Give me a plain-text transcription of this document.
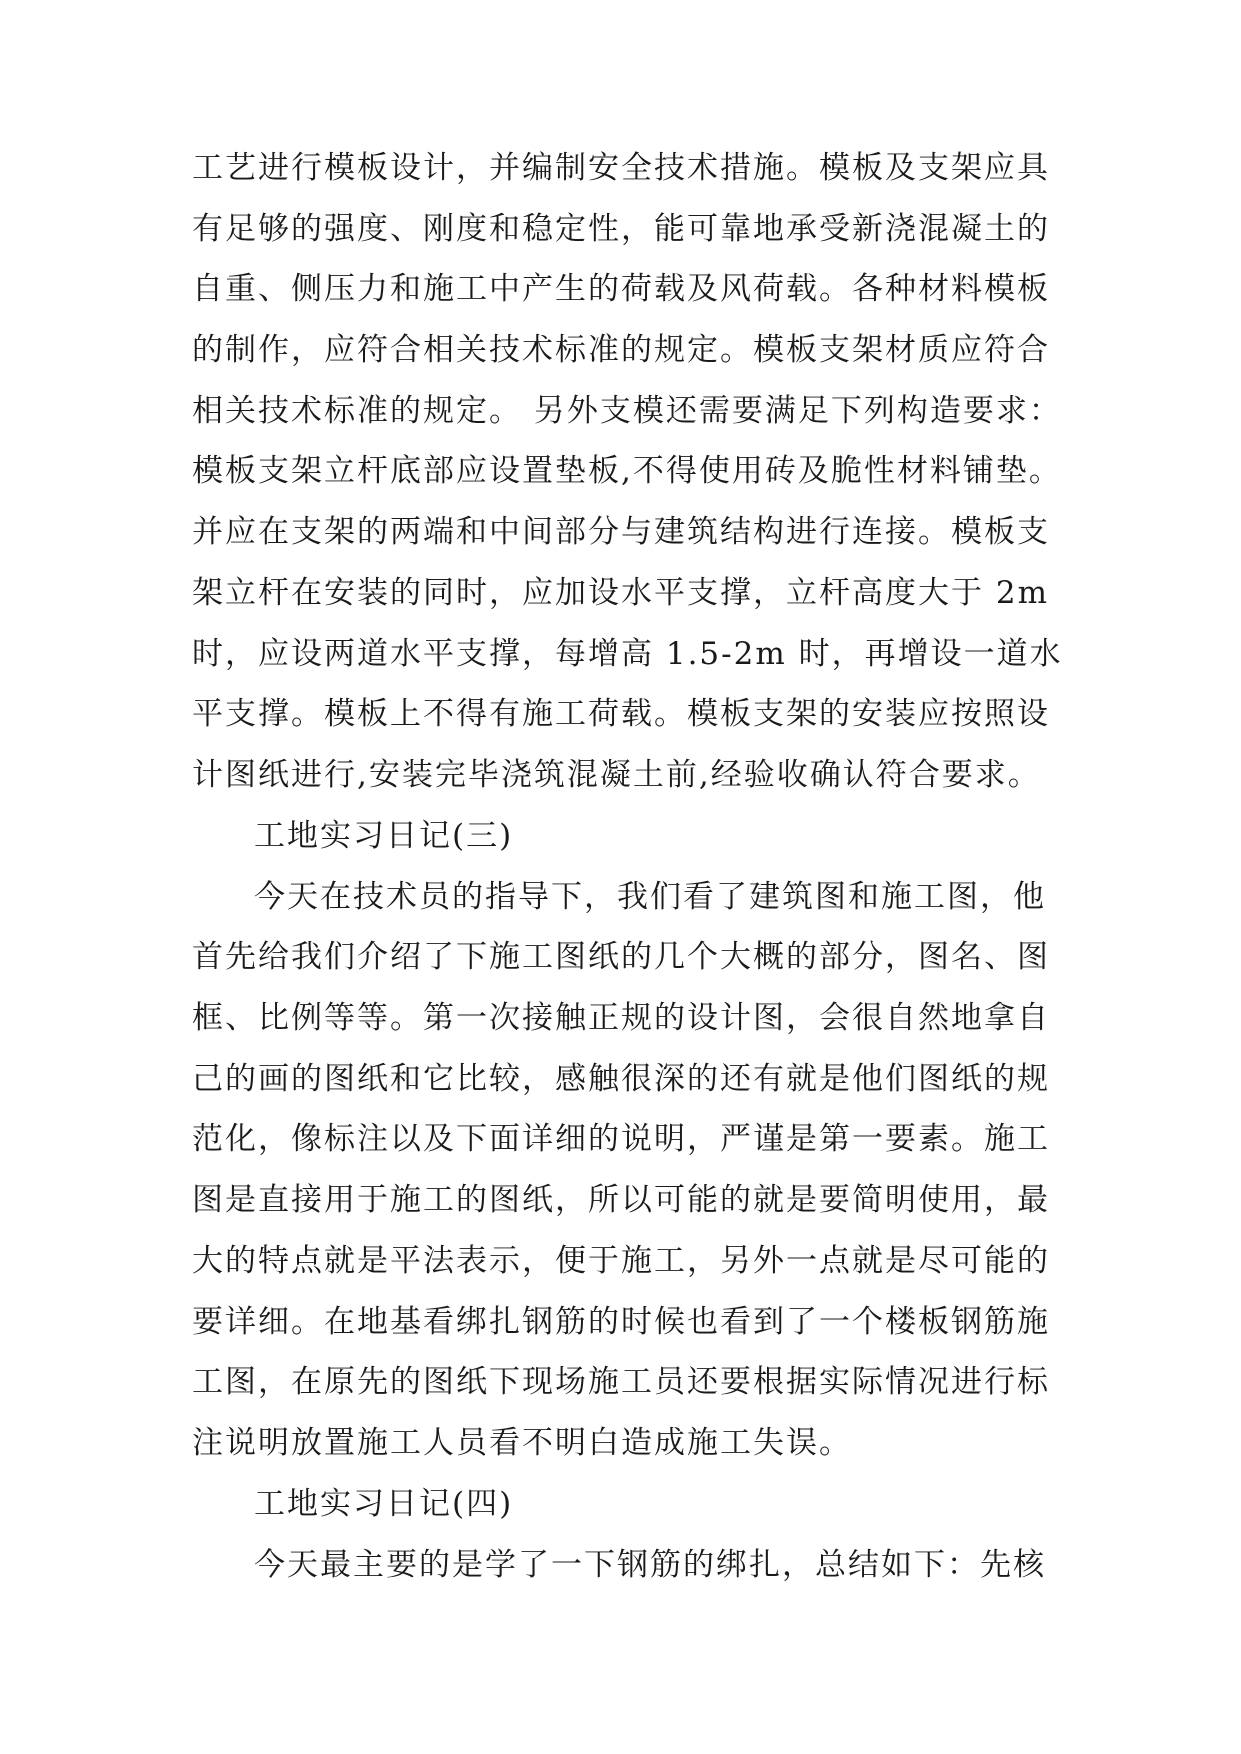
工艺进行模板设计，并编制安全技术措施。模板及支架应具
有足够的强度、刚度和稳定性，能可靠地承受新浇混凝土的
自重、侧压力和施工中产生的荷载及风荷载。各种材料模板
的制作，应符合相关技术标准的规定。模板支架材质应符合
相关技术标准的规定。 另外支模还需要满足下列构造要求：
模板支架立杆底部应设置垫板,不得使用砖及脆性材料铺垫。
并应在支架的两端和中间部分与建筑结构进行连接。模板支
架立杆在安装的同时，应加设水平支撑，立杆高度大于 2m
时，应设两道水平支撑，每增高 1.5-2m 时，再增设一道水
平支撑。模板上不得有施工荷载。模板支架的安装应按照设
计图纸进行,安装完毕浇筑混凝土前,经验收确认符合要求。
工地实习日记(三)
今天在技术员的指导下，我们看了建筑图和施工图，他
首先给我们介绍了下施工图纸的几个大概的部分，图名、图
框、比例等等。第一次接触正规的设计图，会很自然地拿自
己的画的图纸和它比较，感触很深的还有就是他们图纸的规
范化，像标注以及下面详细的说明，严谨是第一要素。施工
图是直接用于施工的图纸，所以可能的就是要简明使用，最
大的特点就是平法表示，便于施工，另外一点就是尽可能的
要详细。在地基看绑扎钢筋的时候也看到了一个楼板钢筋施
工图，在原先的图纸下现场施工员还要根据实际情况进行标
注说明放置施工人员看不明白造成施工失误。
工地实习日记(四)
今天最主要的是学了一下钢筋的绑扎，总结如下：先核
